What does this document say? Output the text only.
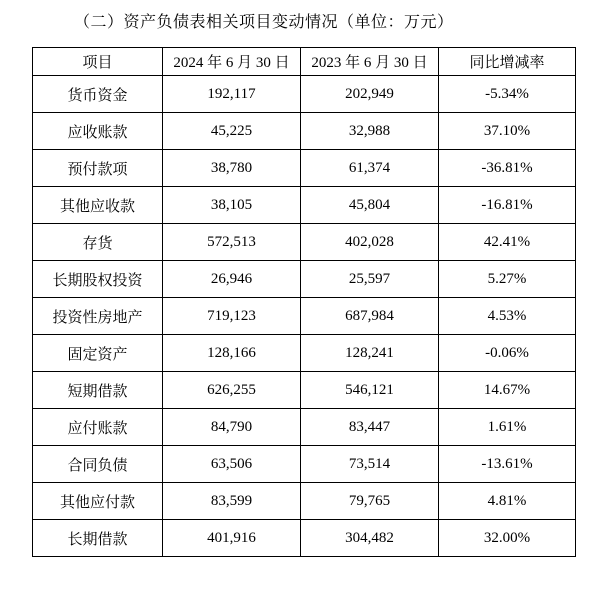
（二）资产负债表相关项目变动情况（单位：万元）
项目	2024 年 6 月 30 日	2023 年 6 月 30 日	同比增减率
货币资金	192,117	202,949	-5.34%
应收账款	45,225	32,988	37.10%
预付款项	38,780	61,374	-36.81%
其他应收款	38,105	45,804	-16.81%
存货	572,513	402,028	42.41%
长期股权投资	26,946	25,597	5.27%
投资性房地产	719,123	687,984	4.53%
固定资产	128,166	128,241	-0.06%
短期借款	626,255	546,121	14.67%
应付账款	84,790	83,447	1.61%
合同负债	63,506	73,514	-13.61%
其他应付款	83,599	79,765	4.81%
长期借款	401,916	304,482	32.00%
